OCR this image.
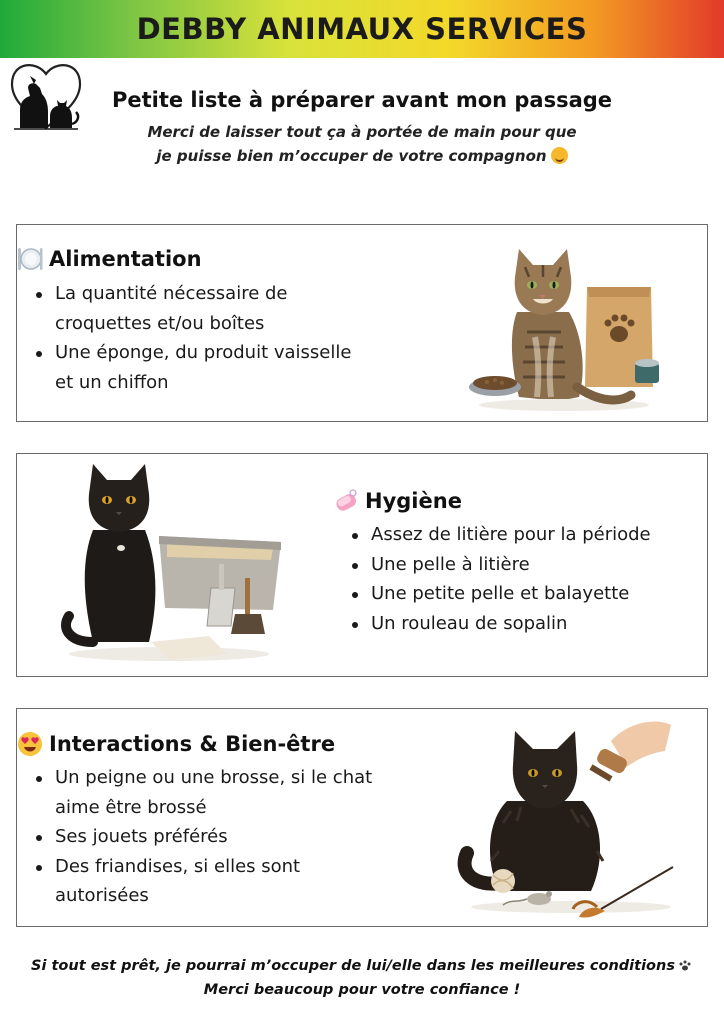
DEBBY ANIMAUX SERVICES
Petite liste à préparer avant mon passage
Merci de laisser tout ça à portée de main pour que
je puisse bien m’occuper de votre compagnon
Alimentation
La quantité nécessaire de
croquettes et/ou boîtes
Une éponge, du produit vaisselle
et un chiffon
Hygiène
Assez de litière pour la période
Une pelle à litière
Une petite pelle et balayette
Un rouleau de sopalin
Interactions & Bien-être
Un peigne ou une brosse, si le chat
aime être brossé
Ses jouets préférés
Des friandises, si elles sont
autorisées
Si tout est prêt, je pourrai m’occuper de lui/elle dans les meilleures conditions
Merci beaucoup pour votre confiance !
